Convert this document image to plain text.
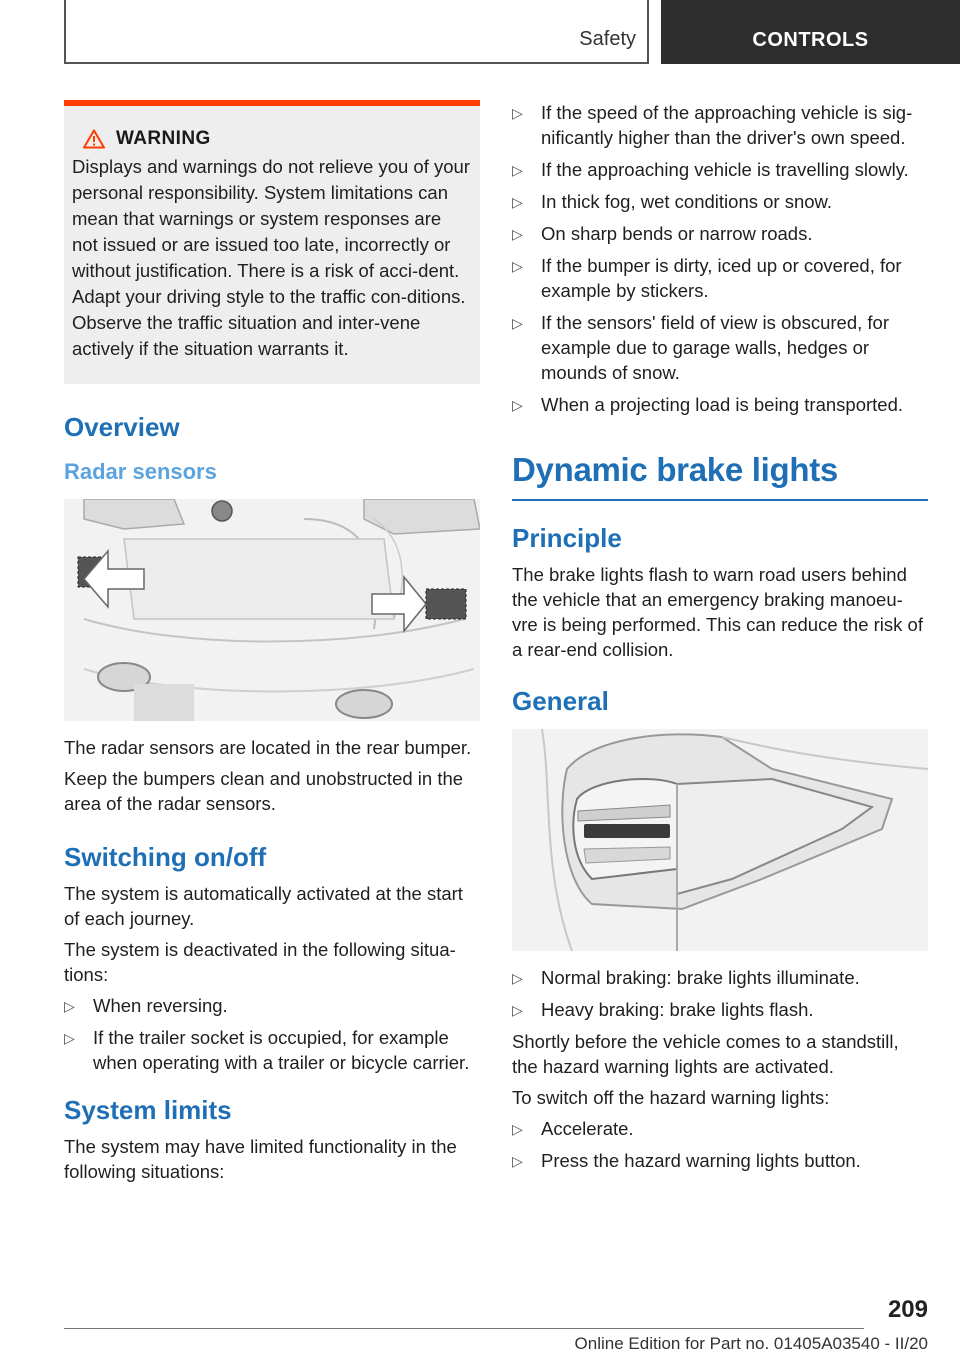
Safety	CONTROLS
WARNING
Displays and warnings do not relieve you of your personal responsibility. System limitations can mean that warnings or system responses are not issued or are issued too late, incorrectly or without justification. There is a risk of acci-dent. Adapt your driving style to the traffic con-ditions. Observe the traffic situation and inter-vene actively if the situation warrants it.
Overview
Radar sensors

The radar sensors are located in the rear bumper.

Keep the bumpers clean and unobstructed in the area of the radar sensors.

Switching on/off

The system is automatically activated at the start of each journey.

The system is deactivated in the following situa-tions:

▷ When reversing.
▷ If the trailer socket is occupied, for example when operating with a trailer or bicycle carrier.
System limits

The system may have limited functionality in the following situations:

▷ If the speed of the approaching vehicle is sig-nificantly higher than the driver's own speed.
▷ If the approaching vehicle is travelling slowly.
▷ In thick fog, wet conditions or snow.
▷ On sharp bends or narrow roads.
▷ If the bumper is dirty, iced up or covered, for example by stickers.
▷ If the sensors' field of view is obscured, for example due to garage walls, hedges or mounds of snow.
▷ When a projecting load is being transported.
Dynamic brake lights
Principle

The brake lights flash to warn road users behind the vehicle that an emergency braking manoeu-vre is being performed. This can reduce the risk of a rear-end collision.

General
▷ Normal braking: brake lights illuminate.
▷ Heavy braking: brake lights flash.

Shortly before the vehicle comes to a standstill, the hazard warning lights are activated.

To switch off the hazard warning lights:

▷ Accelerate.
▷ Press the hazard warning lights button.
209
Online Edition for Part no. 01405A03540 - II/20
